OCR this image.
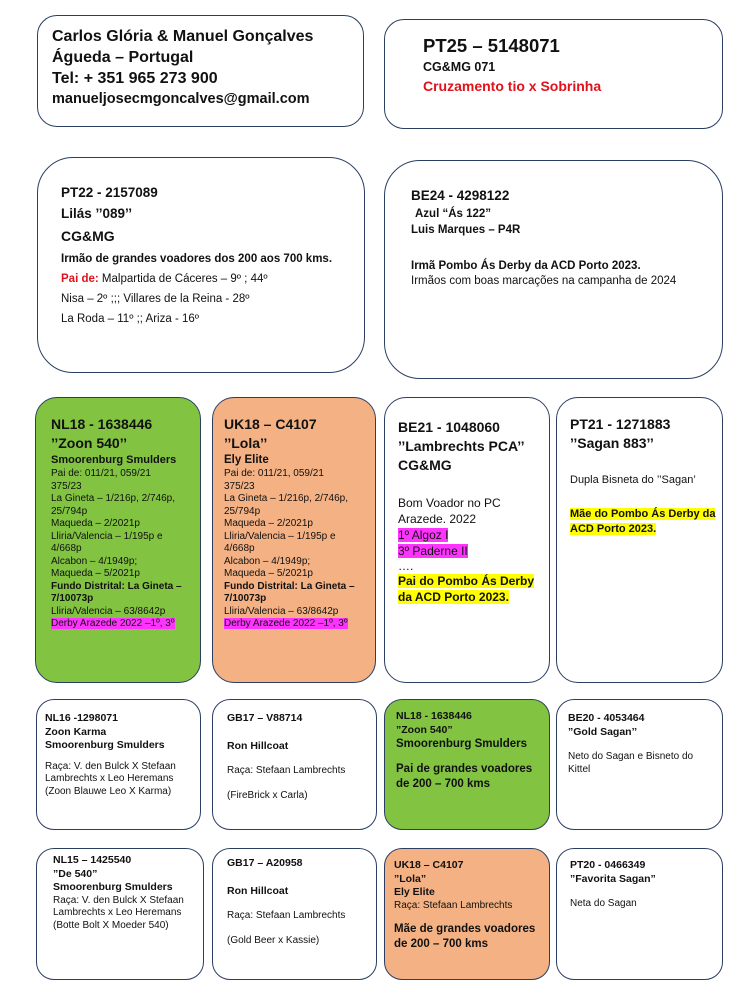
Carlos Glória & Manuel Gonçalves
Águeda – Portugal
Tel: + 351 965 273 900
manueljosecmgoncalves@gmail.com
PT25 – 5148071
CG&MG 071
Cruzamento tio x Sobrinha
PT22 - 2157089
Lilás ’’089’’
CG&MG
Irmão de grandes voadores dos 200 aos 700 kms.
Pai de: Malpartida de Cáceres – 9º ; 44º
Nisa – 2º ;;; Villares de la Reina - 28º
La Roda – 11º ;; Ariza - 16º
BE24 - 4298122
Azul “Ás 122”
Luis Marques – P4R
Irmã Pombo Ás Derby da ACD Porto 2023.
Irmãos com boas marcações na campanha de 2024
NL18 - 1638446
’’Zoon 540’’
Smoorenburg Smulders
Pai de: 011/21, 059/21
375/23
La Gineta – 1/216p, 2/746p,
25/794p
Maqueda – 2/2021p
Lliria/Valencia – 1/195p e
4/668p
Alcabon – 4/1949p;
Maqueda – 5/2021p
Fundo Distrital: La Gineta –
7/10073p
Lliria/Valencia – 63/8642p
Derby Arazede 2022 –1º, 3º
UK18 – C4107
’’Lola’’
Ely Elite
Pai de: 011/21, 059/21
375/23
La Gineta – 1/216p, 2/746p,
25/794p
Maqueda – 2/2021p
Lliria/Valencia – 1/195p e
4/668p
Alcabon – 4/1949p;
Maqueda – 5/2021p
Fundo Distrital: La Gineta –
7/10073p
Lliria/Valencia – 63/8642p
Derby Arazede 2022 –1º, 3º
BE21 - 1048060
’’Lambrechts PCA’’
CG&MG
Bom Voador no PC Arazede. 2022
1º Algoz I
3º Paderne II
….
Pai do Pombo Ás Derby da ACD Porto 2023.
PT21 - 1271883
’’Sagan 883’’
Dupla Bisneta do ’’Sagan’
Mãe do Pombo Ás Derby da ACD Porto 2023.
NL16 -1298071
Zoon Karma
Smoorenburg Smulders
Raça: V. den Bulck X Stefaan Lambrechts x Leo Heremans
(Zoon Blauwe Leo X Karma)
GB17 – V88714
Ron Hillcoat
Raça: Stefaan Lambrechts
(FireBrick x Carla)
NL18 - 1638446
”Zoon 540”
Smoorenburg Smulders
Pai de grandes voadores de 200 – 700 kms
BE20 - 4053464
”Gold Sagan’’
Neto do Sagan e Bisneto do Kittel
NL15 – 1425540
”De 540”
Smoorenburg Smulders
Raça: V. den Bulck X Stefaan Lambrechts x Leo Heremans
(Botte Bolt X Moeder 540)
GB17 – A20958
Ron Hillcoat
Raça: Stefaan Lambrechts
(Gold Beer x Kassie)
UK18 – C4107
”Lola”
Ely Elite
Raça: Stefaan Lambrechts
Mãe de grandes voadores de 200 – 700 kms
PT20 - 0466349
”Favorita Sagan”
Neta do Sagan
